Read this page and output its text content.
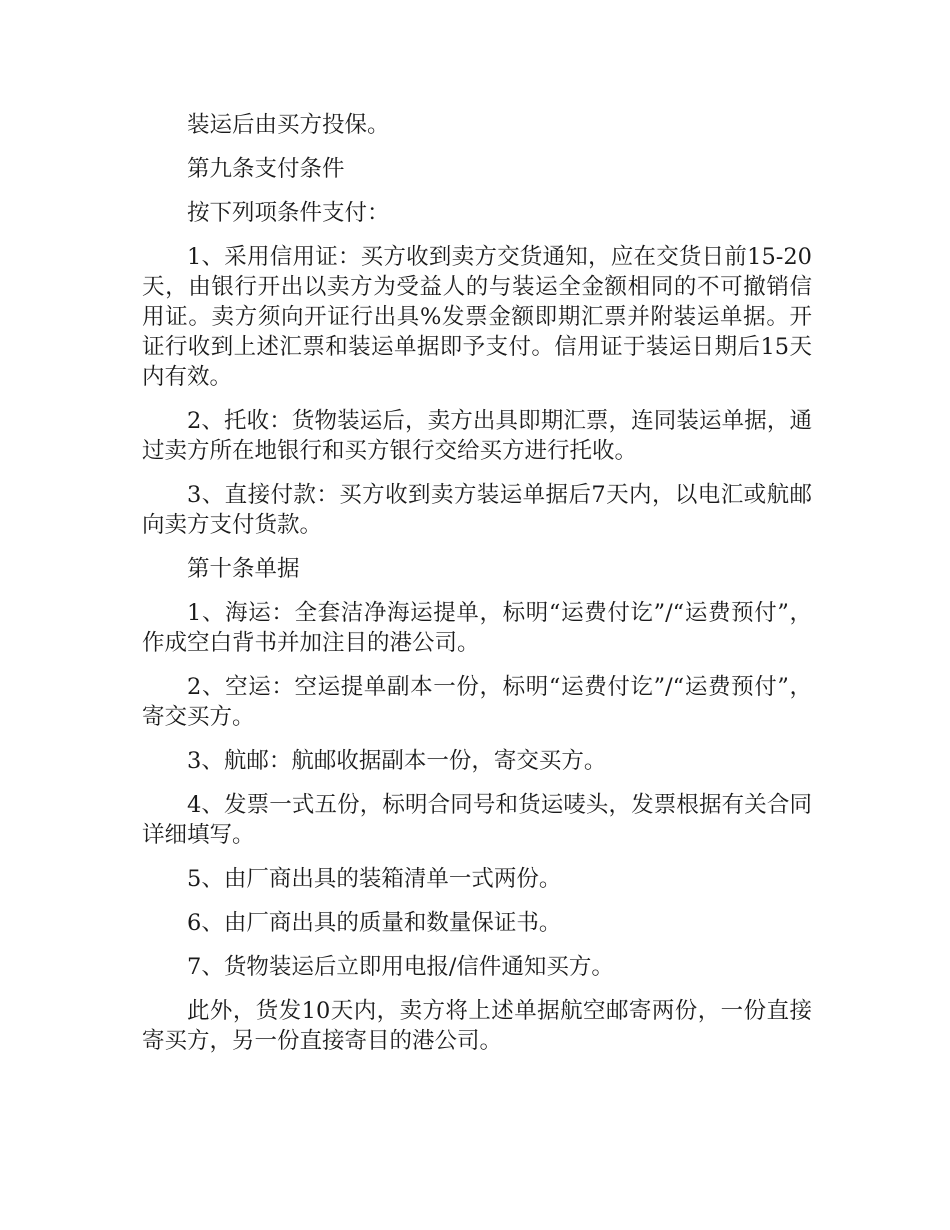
装运后由买方投保。

第九条支付条件

按下列项条件支付：

1、采用信用证：买方收到卖方交货通知，应在交货日前15-20天，由银行开出以卖方为受益人的与装运全金额相同的不可撤销信用证。卖方须向开证行出具%发票金额即期汇票并附装运单据。开证行收到上述汇票和装运单据即予支付。信用证于装运日期后15天内有效。

2、托收：货物装运后，卖方出具即期汇票，连同装运单据，通过卖方所在地银行和买方银行交给买方进行托收。

3、直接付款：买方收到卖方装运单据后7天内，以电汇或航邮向卖方支付货款。

第十条单据

1、海运：全套洁净海运提单，标明“运费付讫”/“运费预付”，作成空白背书并加注目的港公司。

2、空运：空运提单副本一份，标明“运费付讫”/“运费预付”，寄交买方。

3、航邮：航邮收据副本一份，寄交买方。

4、发票一式五份，标明合同号和货运唛头，发票根据有关合同详细填写。

5、由厂商出具的装箱清单一式两份。

6、由厂商出具的质量和数量保证书。

7、货物装运后立即用电报/信件通知买方。

此外，货发10天内，卖方将上述单据航空邮寄两份，一份直接寄买方，另一份直接寄目的港公司。
